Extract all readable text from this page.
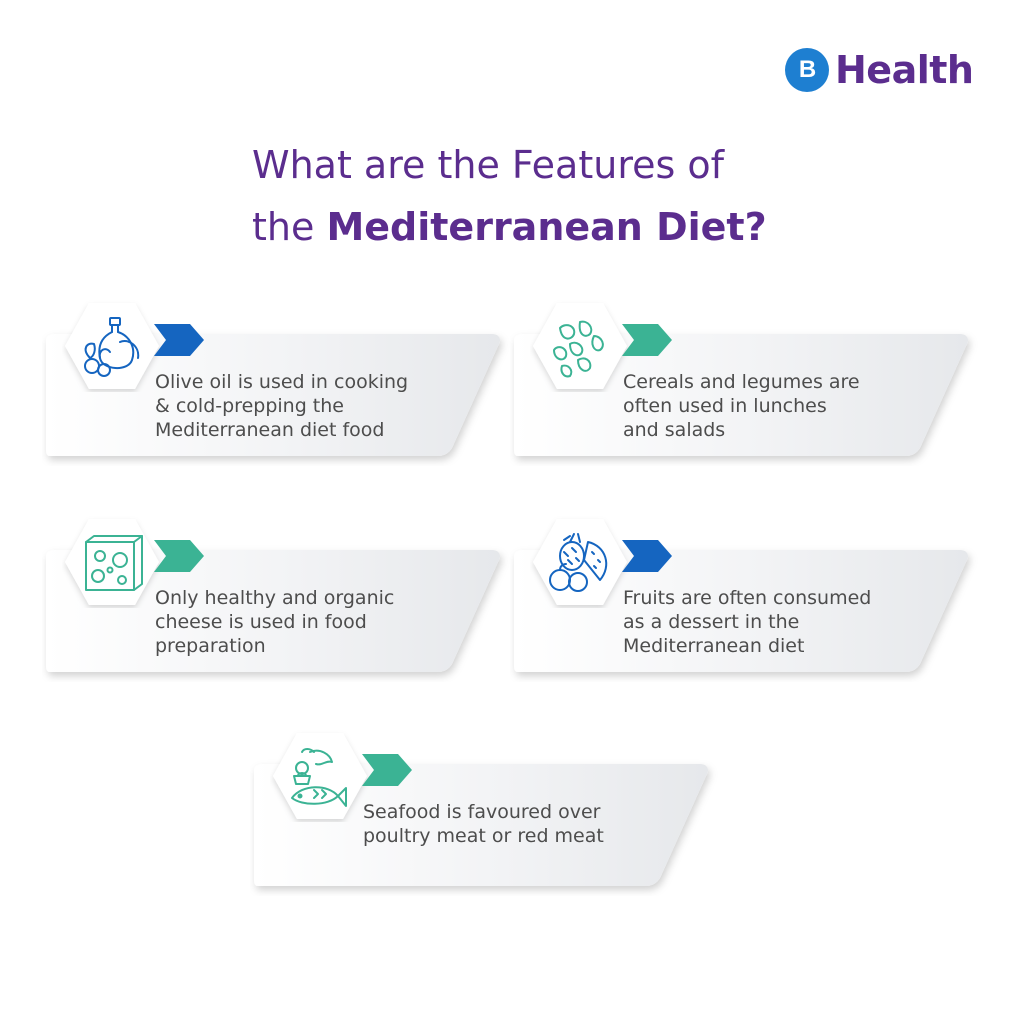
B Health
What are the Features of
the Mediterranean Diet?

Olive oil is used in cooking
& cold-prepping the
Mediterranean diet food

Cereals and legumes are
often used in lunches
and salads

Only healthy and organic
cheese is used in food
preparation

Fruits are often consumed
as a dessert in the
Mediterranean diet

Seafood is favoured over
poultry meat or red meat
